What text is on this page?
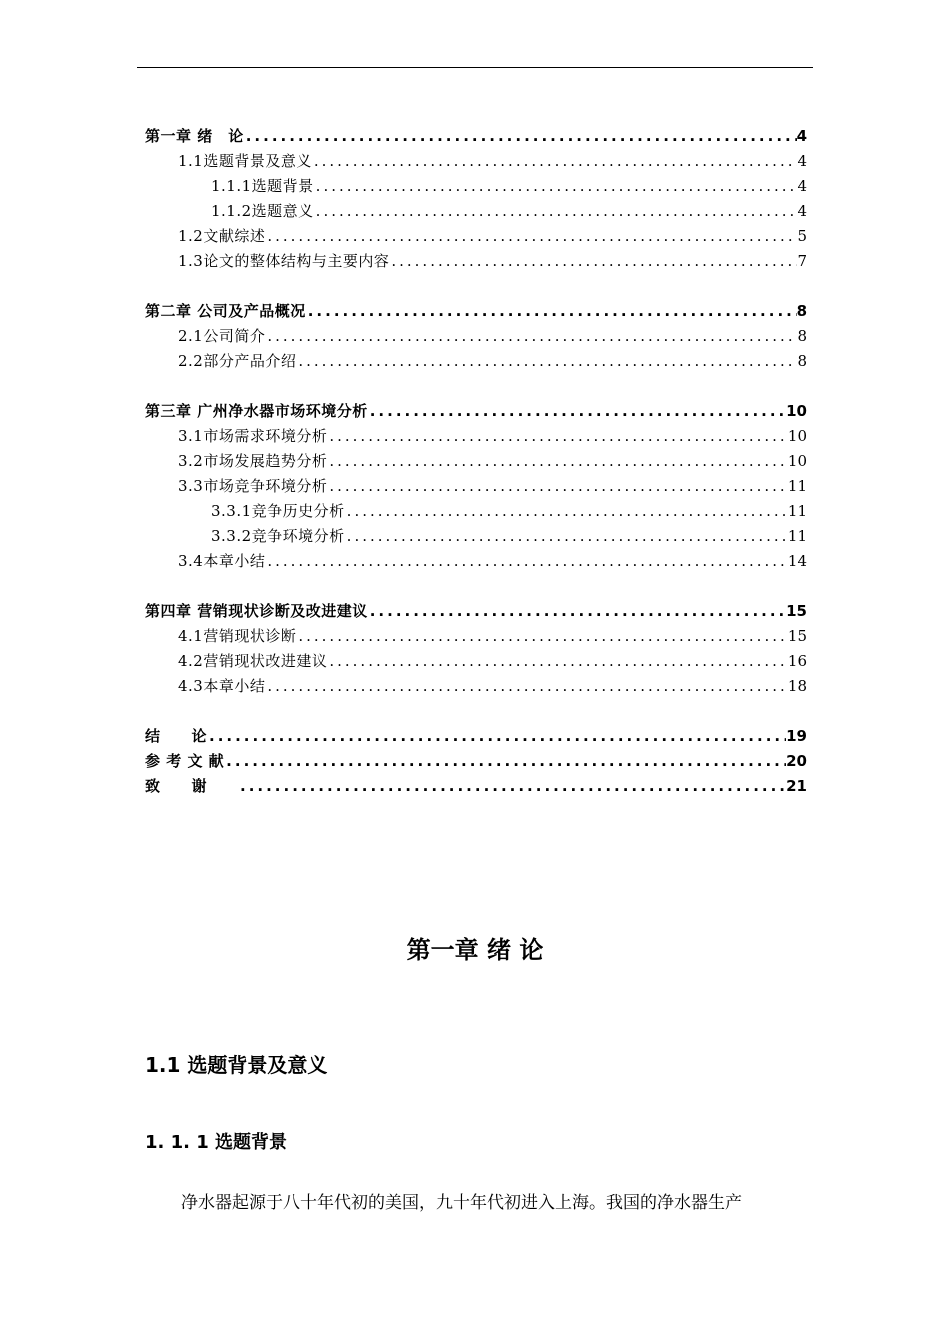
第一章 绪　论 .....	4
1.1选题背景及意义 .....	4
1.1.1选题背景 .....	4
1.1.2选题意义 .....	4
1.2文献综述 .....	5
1.3论文的整体结构与主要内容 .....	7
第二章 公司及产品概况 .....	8
2.1公司简介 .....	8
2.2部分产品介绍 .....	8
第三章 广州净水器市场环境分析 .....	10
3.1市场需求环境分析 .....	10
3.2市场发展趋势分析 .....	10
3.3市场竞争环境分析 .....	11
3.3.1竞争历史分析 .....	11
3.3.2竞争环境分析 .....	11
3.4本章小结 .....	14
第四章 营销现状诊断及改进建议 .....	15
4.1营销现状诊断 .....	15
4.2营销现状改进建议 .....	16
4.3本章小结 .....	18
结　　论 .....	19
参 考 文 献 .....	20
致　　谢　　 .....	21
第一章 绪 论
1.1 选题背景及意义
1. 1. 1 选题背景
净水器起源于八十年代初的美国，九十年代初进入上海。我国的净水器生产
